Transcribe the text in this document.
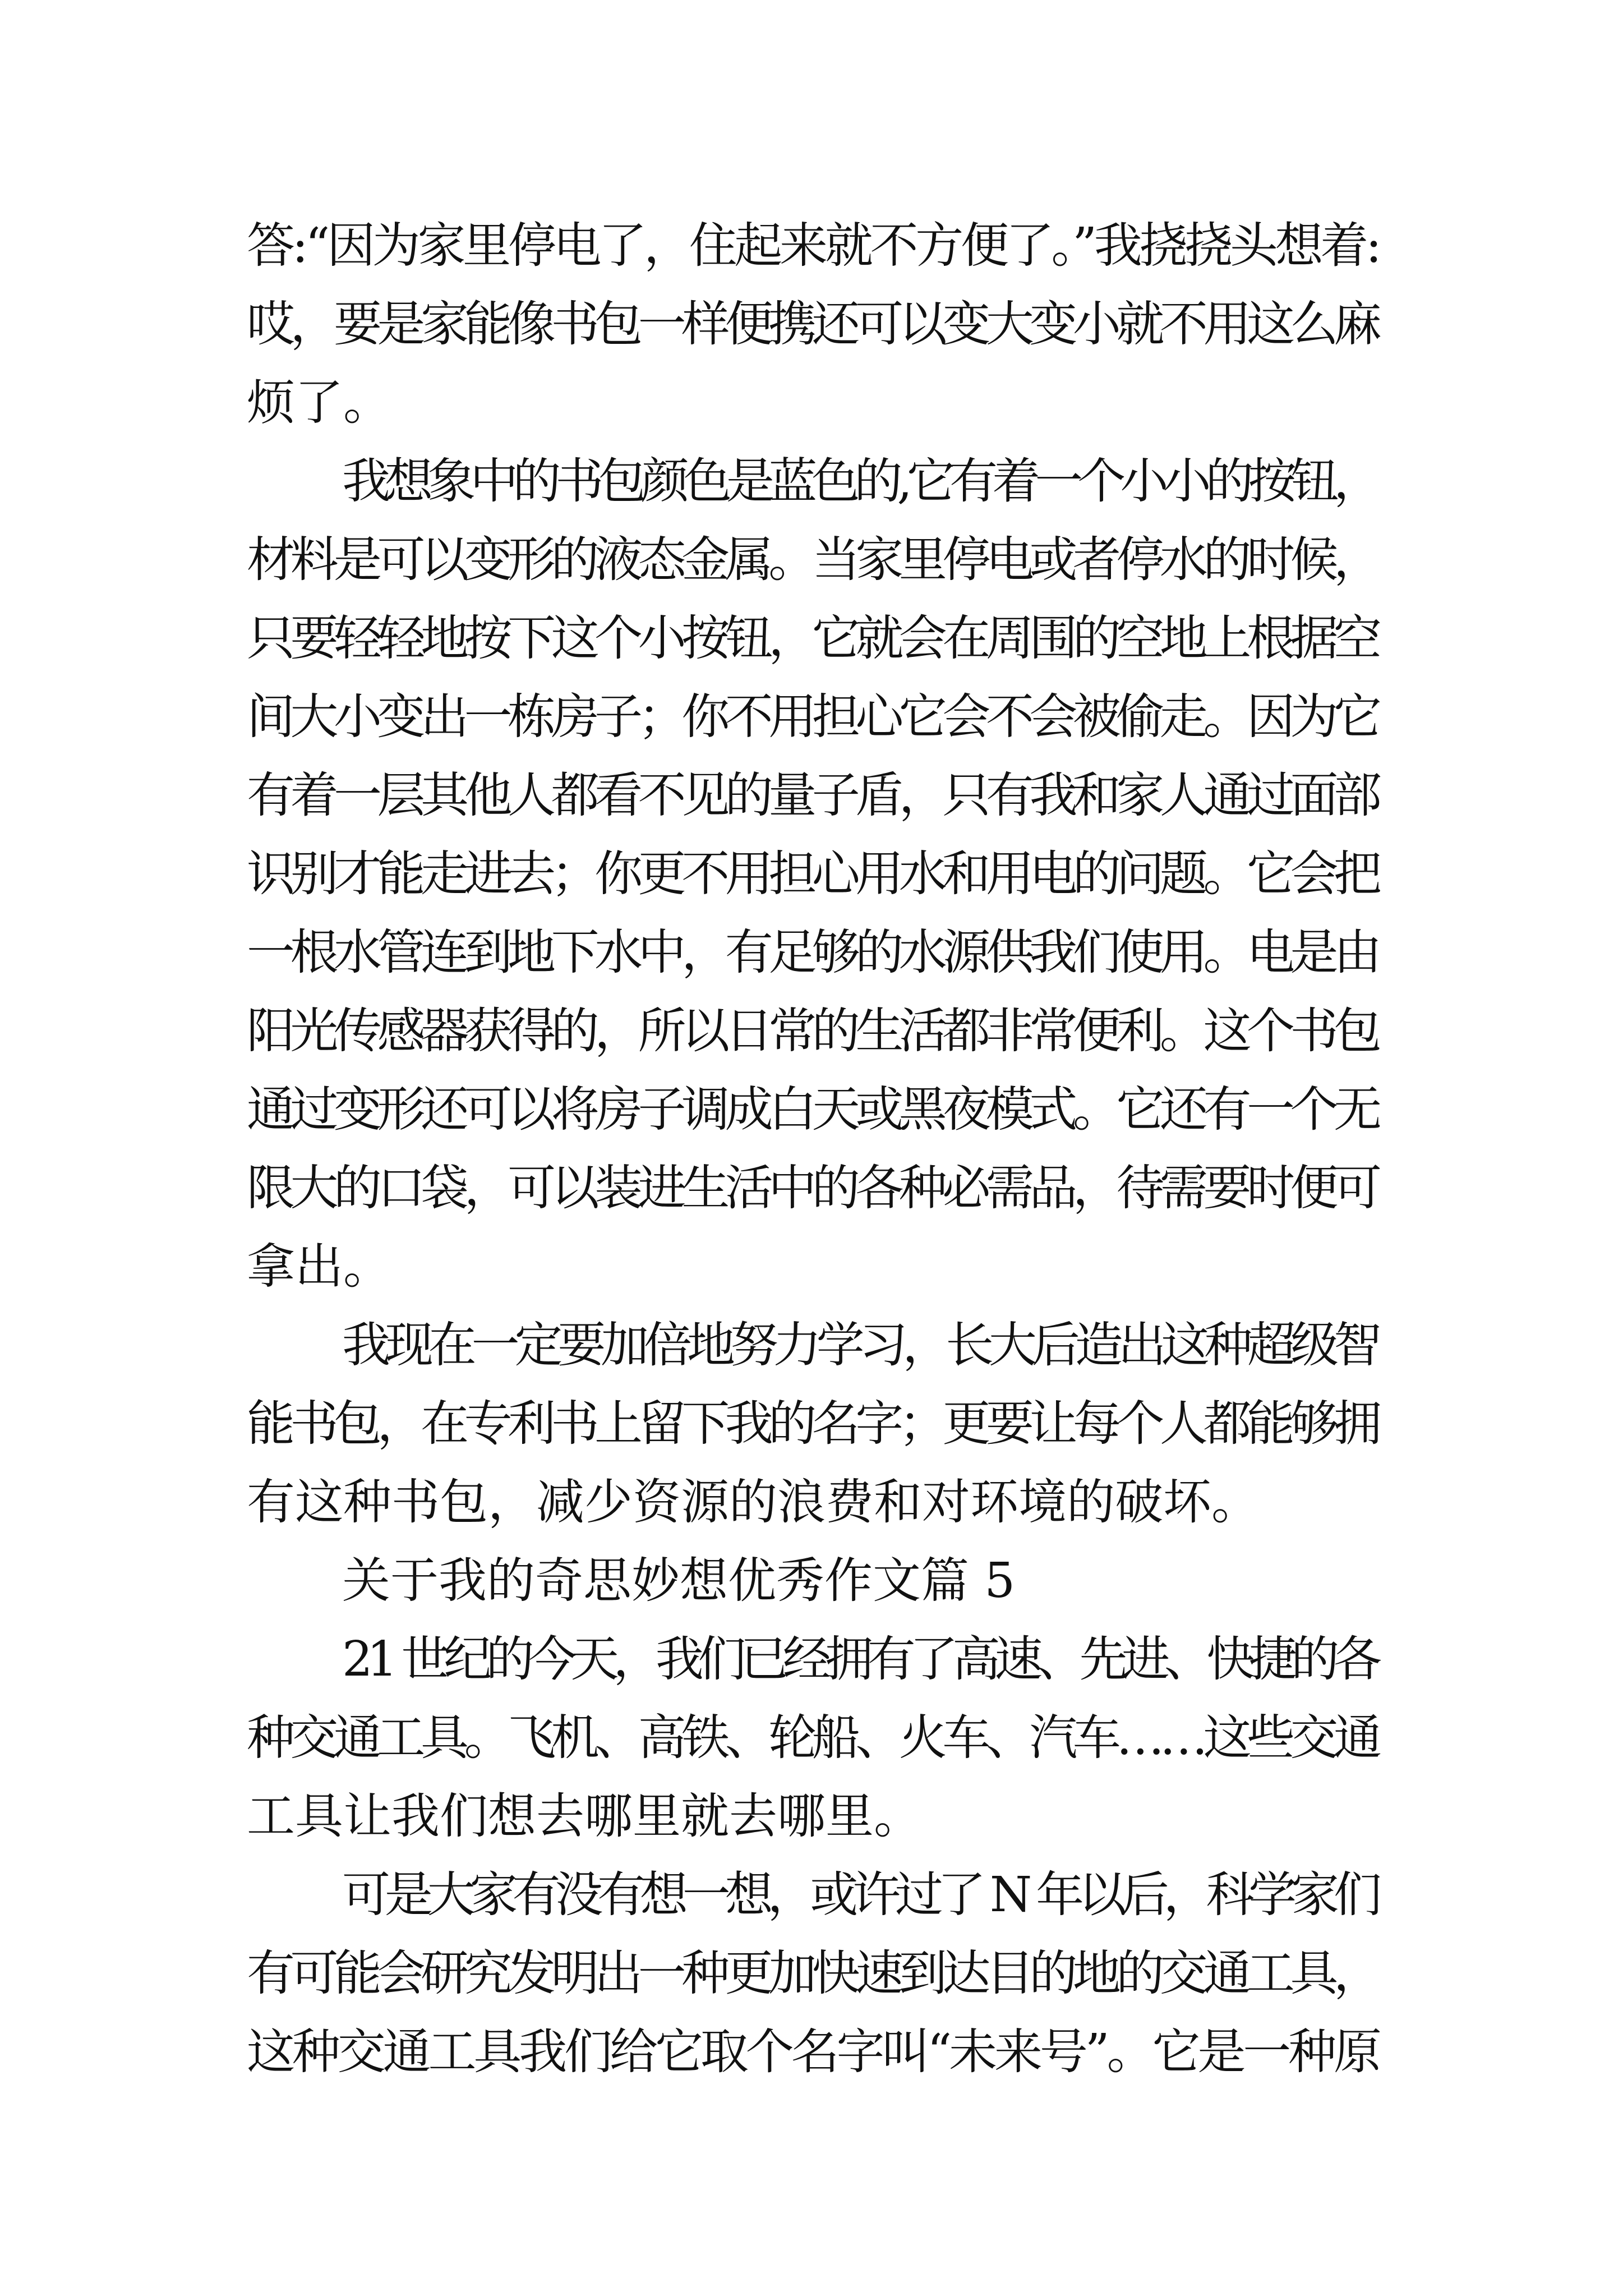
答:“因为家里停电了，住起来就不方便了。”我挠挠头想着:

哎，要是家能像书包一样便携还可以变大变小就不用这么麻

烦了。

我想象中的书包颜色是蓝色的,它有着一个小小的按钮，

材料是可以变形的液态金属。当家里停电或者停水的时候，

只要轻轻地按下这个小按钮，它就会在周围的空地上根据空

间大小变出一栋房子；你不用担心它会不会被偷走。因为它

有着一层其他人都看不见的量子盾，只有我和家人通过面部

识别才能走进去；你更不用担心用水和用电的问题。它会把

一根水管连到地下水中，有足够的水源供我们使用。电是由

阳光传感器获得的，所以日常的生活都非常便利。这个书包

通过变形还可以将房子调成白天或黑夜模式。它还有一个无

限大的口袋，可以装进生活中的各种必需品，待需要时便可

拿出。

我现在一定要加倍地努力学习，长大后造出这种超级智

能书包，在专利书上留下我的名字；更要让每个人都能够拥

有这种书包，减少资源的浪费和对环境的破坏。

关于我的奇思妙想优秀作文篇 5

21 世纪的今天，我们已经拥有了高速、先进、快捷的各

种交通工具。飞机、高铁、轮船、火车、汽车……这些交通

工具让我们想去哪里就去哪里。

可是大家有没有想一想，或许过了 N 年以后，科学家们

有可能会研究发明出一种更加快速到达目的地的交通工具，

这种交通工具我们给它取个名字叫“未来号”。它是一种原
